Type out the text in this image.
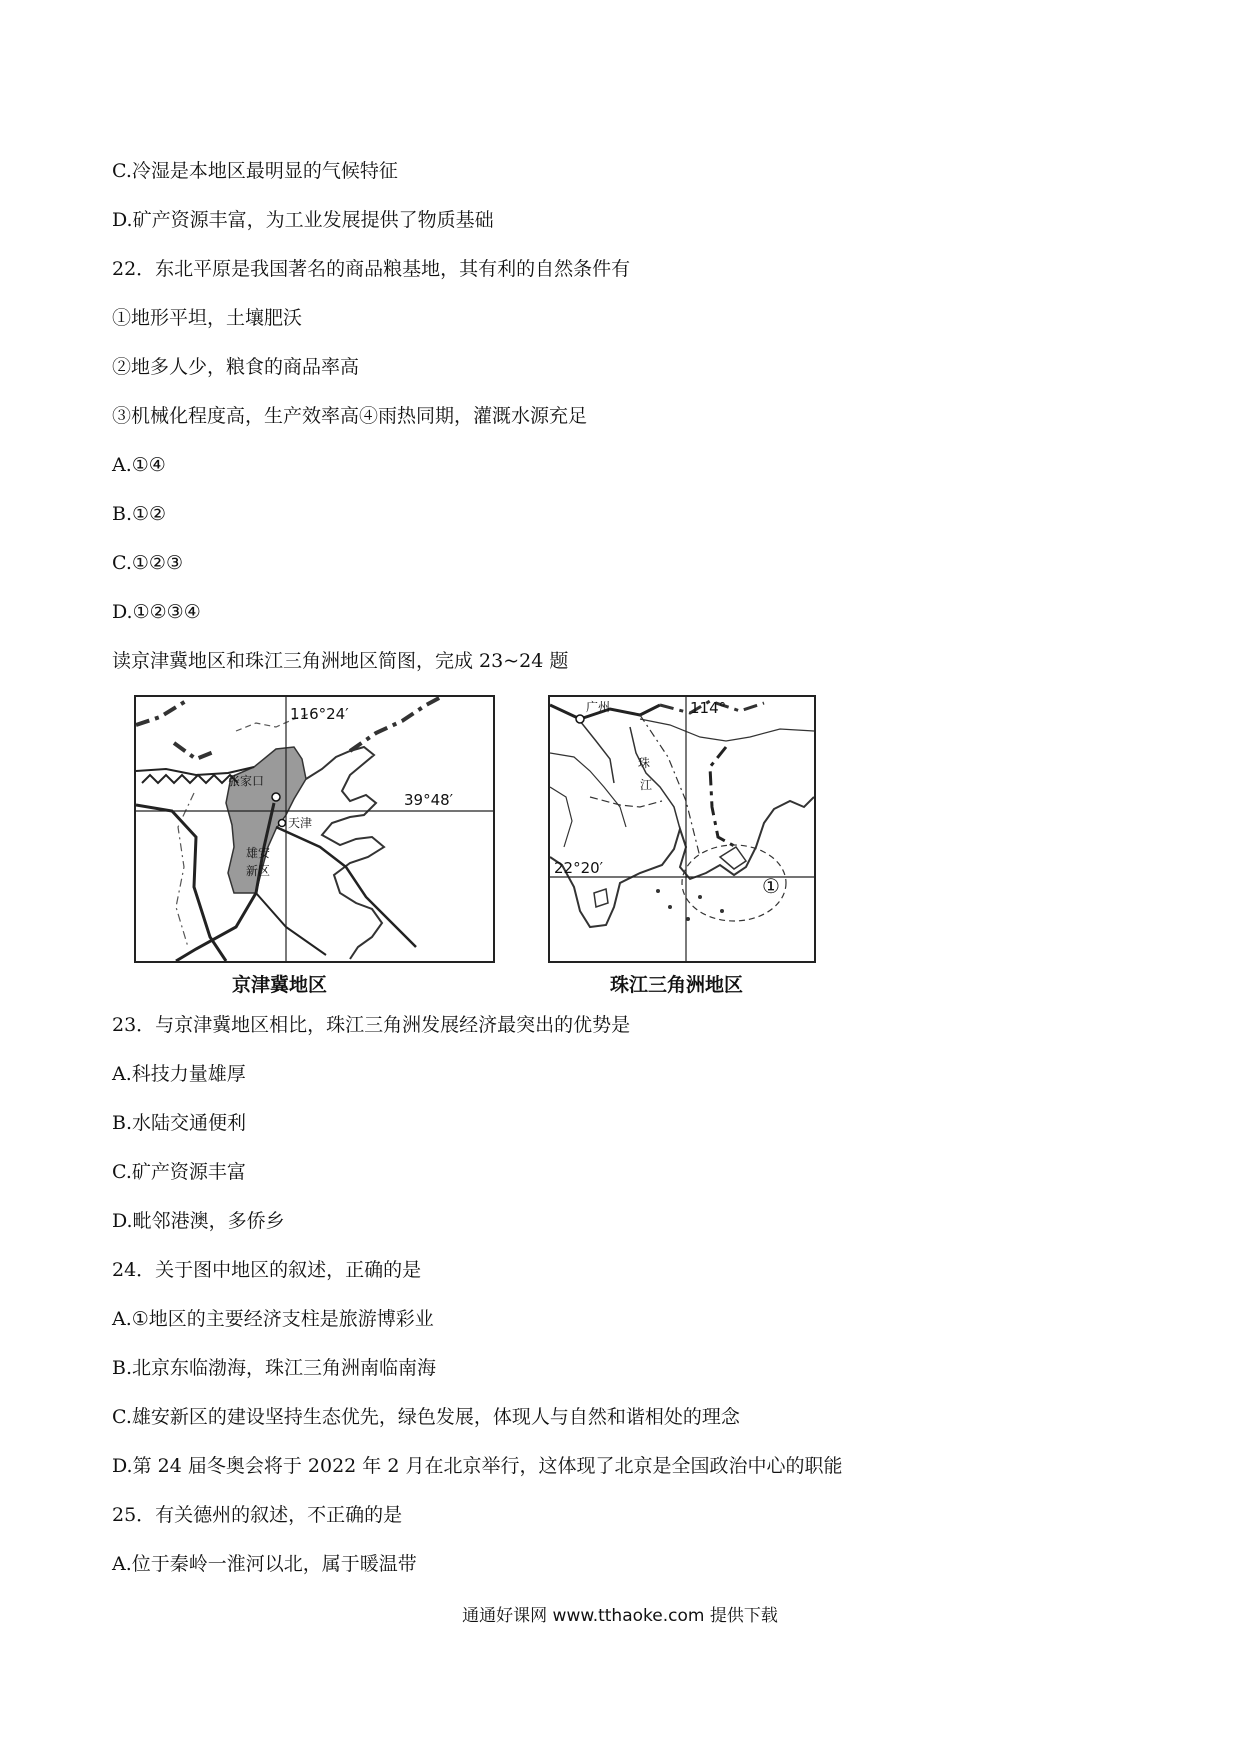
C.冷湿是本地区最明显的气候特征
D.矿产资源丰富，为工业发展提供了物质基础
22．东北平原是我国著名的商品粮基地，其有利的自然条件有
①地形平坦，土壤肥沃
②地多人少，粮食的商品率高
③机械化程度高，生产效率高④雨热同期，灌溉水源充足
A.①④
B.①②
C.①②③
D.①②③④
读京津冀地区和珠江三角洲地区简图，完成 23~24 题
116°24′
39°48′
张家口
天津
雄安
新区
京津冀地区
广州	114°
22°20′
珠
江
①
珠江三角洲地区
23．与京津冀地区相比，珠江三角洲发展经济最突出的优势是
A.科技力量雄厚
B.水陆交通便利
C.矿产资源丰富
D.毗邻港澳，多侨乡
24．关于图中地区的叙述，正确的是
A.①地区的主要经济支柱是旅游博彩业
B.北京东临渤海，珠江三角洲南临南海
C.雄安新区的建设坚持生态优先，绿色发展，体现人与自然和谐相处的理念
D.第 24 届冬奥会将于 2022 年 2 月在北京举行，这体现了北京是全国政治中心的职能
25．有关德州的叙述，不正确的是
A.位于秦岭一淮河以北，属于暖温带
通通好课网 www.tthaoke.com 提供下载
